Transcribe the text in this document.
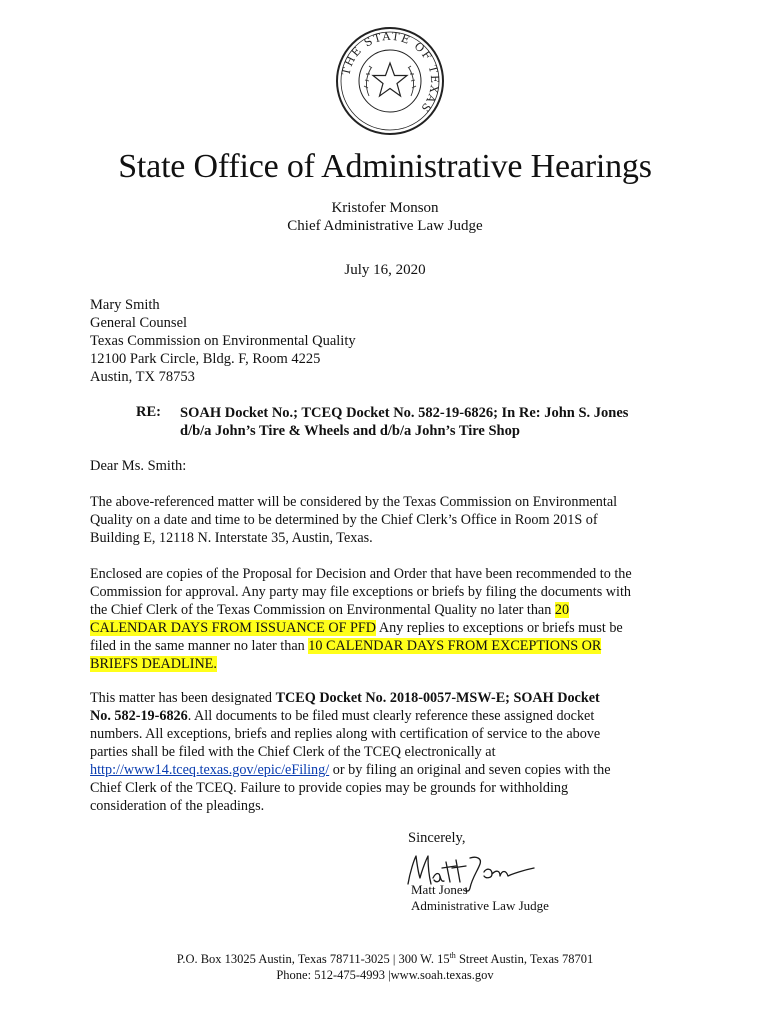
THE STATE OF TEXAS
State Office of Administrative Hearings
Kristofer Monson
Chief Administrative Law Judge
July 16, 2020
Mary Smith
General Counsel
Texas Commission on Environmental Quality
12100 Park Circle, Bldg. F, Room 4225
Austin, TX 78753
RE: SOAH Docket No.; TCEQ Docket No. 582-19-6826; In Re: John S. Jones
d/b/a John’s Tire & Wheels and d/b/a John’s Tire Shop
Dear Ms. Smith:
The above-referenced matter will be considered by the Texas Commission on Environmental
Quality on a date and time to be determined by the Chief Clerk’s Office in Room 201S of
Building E, 12118 N. Interstate 35, Austin, Texas.
Enclosed are copies of the Proposal for Decision and Order that have been recommended to the
Commission for approval. Any party may file exceptions or briefs by filing the documents with
the Chief Clerk of the Texas Commission on Environmental Quality no later than 20
CALENDAR DAYS FROM ISSUANCE OF PFD Any replies to exceptions or briefs must be
filed in the same manner no later than 10 CALENDAR DAYS FROM EXCEPTIONS OR
BRIEFS DEADLINE.
This matter has been designated TCEQ Docket No. 2018-0057-MSW-E; SOAH Docket
No. 582-19-6826. All documents to be filed must clearly reference these assigned docket
numbers. All exceptions, briefs and replies along with certification of service to the above
parties shall be filed with the Chief Clerk of the TCEQ electronically at
http://www14.tceq.texas.gov/epic/eFiling/ or by filing an original and seven copies with the
Chief Clerk of the TCEQ. Failure to provide copies may be grounds for withholding
consideration of the pleadings.
Sincerely,
Matt Jones
Administrative Law Judge
P.O. Box 13025 Austin, Texas 78711-3025 | 300 W. 15th Street Austin, Texas 78701
Phone: 512-475-4993 |www.soah.texas.gov
